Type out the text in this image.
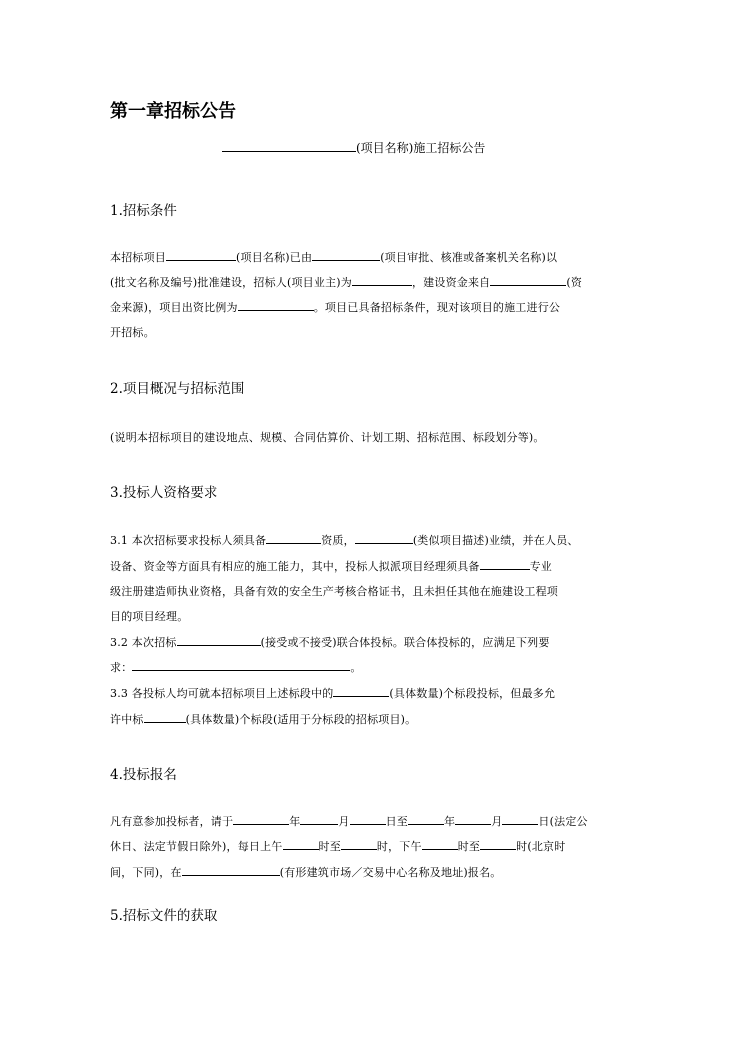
第一章招标公告
(项目名称)施工招标公告
1.招标条件
本招标项目	(项目名称)已由	(项目审批、核准或备案机关名称)以
(批文名称及编号)批准建设，招标人(项目业主)为	，建设资金来自	(资
金来源)，项目出资比例为	。项目已具备招标条件，现对该项目的施工进行公
开招标。
2.项目概况与招标范围
(说明本招标项目的建设地点、规模、合同估算价、计划工期、招标范围、标段划分等)。
3.投标人资格要求
3.1 本次招标要求投标人须具备	资质，	(类似项目描述)业绩，并在人员、
设备、资金等方面具有相应的施工能力，其中，投标人拟派项目经理须具备	专业
级注册建造师执业资格，具备有效的安全生产考核合格证书，且未担任其他在施建设工程项
目的项目经理。
3.2 本次招标	(接受或不接受)联合体投标。联合体投标的，应满足下列要
求：	。
3.3 各投标人均可就本招标项目上述标段中的	(具体数量)个标段投标，但最多允
许中标	(具体数量)个标段(适用于分标段的招标项目)。
4.投标报名
凡有意参加投标者，请于	年	月	日至	年	月	日(法定公
休日、法定节假日除外)，每日上午	时至	时，下午	时至	时(北京时
间，下同)，在	(有形建筑市场／交易中心名称及地址)报名。
5.招标文件的获取
